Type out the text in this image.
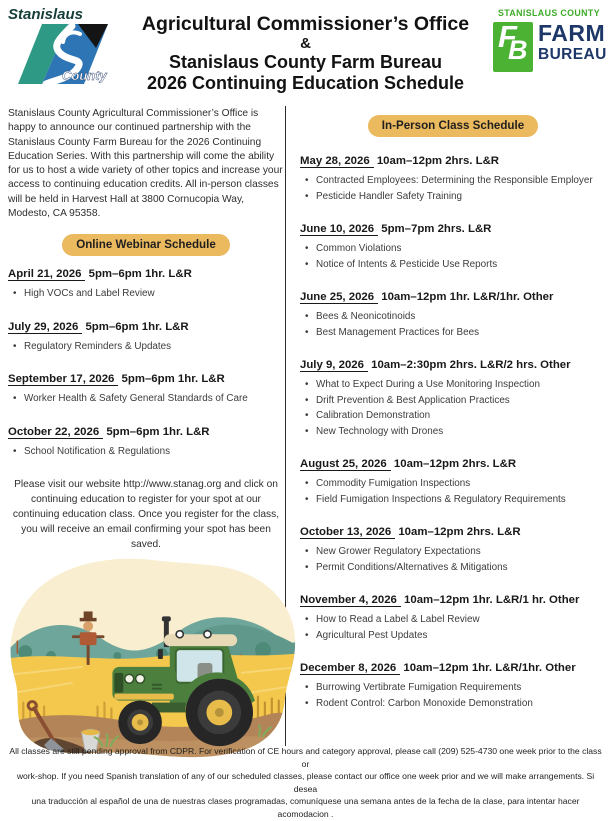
Stanislaus
County
Agricultural Commissioner’s Office
&
Stanislaus County Farm Bureau
2026 Continuing Education Schedule
STANISLAUS COUNTY
F
B
FARM
BUREAU

Stanislaus County Agricultural Commissioner’s Office is happy to announce our continued partnership with the Stanislaus County Farm Bureau for the 2026 Continuing Education Series. With this partnership will come the ability for us to host a wide variety of other topics and increase your access to continuing education credits. All in-person classes will be held in Harvest Hall at 3800 Cornucopia Way, Modesto, CA 95358.

Online Webinar Schedule
April 21, 2026 5pm–6pm 1hr. L&R
• High VOCs and Label Review
July 29, 2026 5pm–6pm 1hr. L&R
• Regulatory Reminders & Updates
September 17, 2026 5pm–6pm 1hr. L&R
• Worker Health & Safety General Standards of Care
October 22, 2026 5pm–6pm 1hr. L&R
• School Notification & Regulations

Please visit our website http://www.stanag.org and click on continuing education to register for your spot at our continuing education class. Once you register for the class, you will receive an email confirming your spot has been saved.

In-Person Class Schedule
May 28, 2026 10am–12pm 2hrs. L&R
• Contracted Employees: Determining the Responsible Employer
• Pesticide Handler Safety Training
June 10, 2026 5pm–7pm 2hrs. L&R
• Common Violations
• Notice of Intents & Pesticide Use Reports
June 25, 2026 10am–12pm 1hr. L&R/1hr. Other
• Bees & Neonicotinoids
• Best Management Practices for Bees
July 9, 2026 10am–2:30pm 2hrs. L&R/2 hrs. Other
• What to Expect During a Use Monitoring Inspection
• Drift Prevention & Best Application Practices
• Calibration Demonstration
• New Technology with Drones
August 25, 2026 10am–12pm 2hrs. L&R
• Commodity Fumigation Inspections
• Field Fumigation Inspections & Regulatory Requirements
October 13, 2026 10am–12pm 2hrs. L&R
• New Grower Regulatory Expectations
• Permit Conditions/Alternatives & Mitigations
November 4, 2026 10am–12pm 1hr. L&R/1 hr. Other
• How to Read a Label & Label Review
• Agricultural Pest Updates
December 8, 2026 10am–12pm 1hr. L&R/1hr. Other
• Burrowing Vertibrate Fumigation Requirements
• Rodent Control: Carbon Monoxide Demonstration
All classes are still pending approval from CDPR. For verification of CE hours and category approval, please call (209) 525-4730 one week prior to the class or
work-shop. If you need Spanish translation of any of our scheduled classes, please contact our office one week prior and we will make arrangements. Si desea
una traducción al español de una de nuestras clases programadas, comuníquese una semana antes de la fecha de la clase, para intentar hacer acomodacion .
